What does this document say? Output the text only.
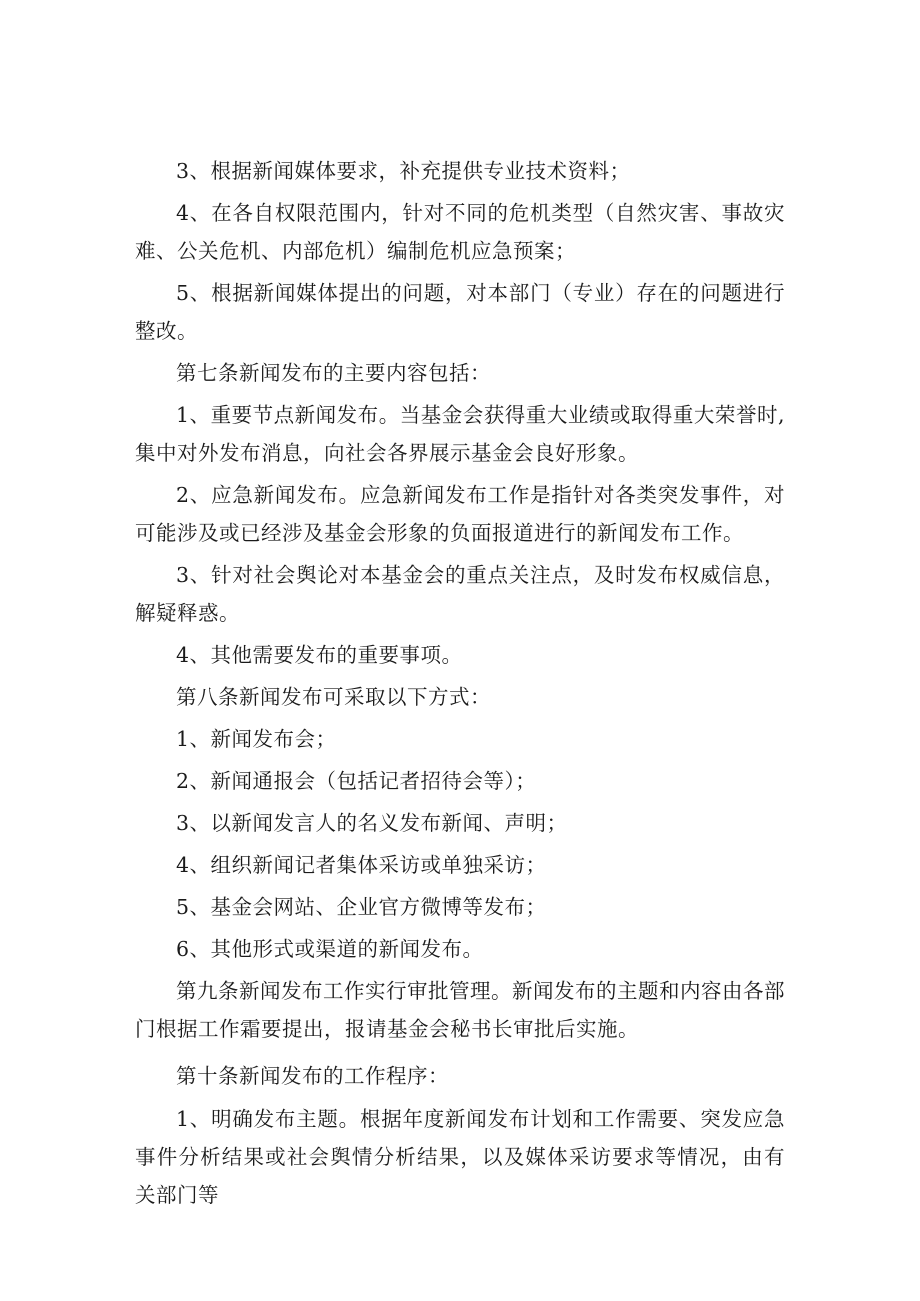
3、根据新闻媒体要求，补充提供专业技术资料；

4、在各自权限范围内，针对不同的危机类型（自然灾害、事故灾难、公关危机、内部危机）编制危机应急预案；

5、根据新闻媒体提出的问题，对本部门（专业）存在的问题进行整改。

第七条新闻发布的主要内容包括：

1、重要节点新闻发布。当基金会获得重大业绩或取得重大荣誉时,集中对外发布消息，向社会各界展示基金会良好形象。

2、应急新闻发布。应急新闻发布工作是指针对各类突发事件，对可能涉及或已经涉及基金会形象的负面报道进行的新闻发布工作。

3、针对社会舆论对本基金会的重点关注点，及时发布权威信息，解疑释惑。

4、其他需要发布的重要事项。

第八条新闻发布可采取以下方式：

1、新闻发布会；

2、新闻通报会（包括记者招待会等）；

3、以新闻发言人的名义发布新闻、声明；

4、组织新闻记者集体采访或单独采访；

5、基金会网站、企业官方微博等发布；

6、其他形式或渠道的新闻发布。

第九条新闻发布工作实行审批管理。新闻发布的主题和内容由各部门根据工作霜要提出，报请基金会秘书长审批后实施。

第十条新闻发布的工作程序：

1、明确发布主题。根据年度新闻发布计划和工作需要、突发应急事件分析结果或社会舆情分析结果，以及媒体采访要求等情况，由有关部门等
